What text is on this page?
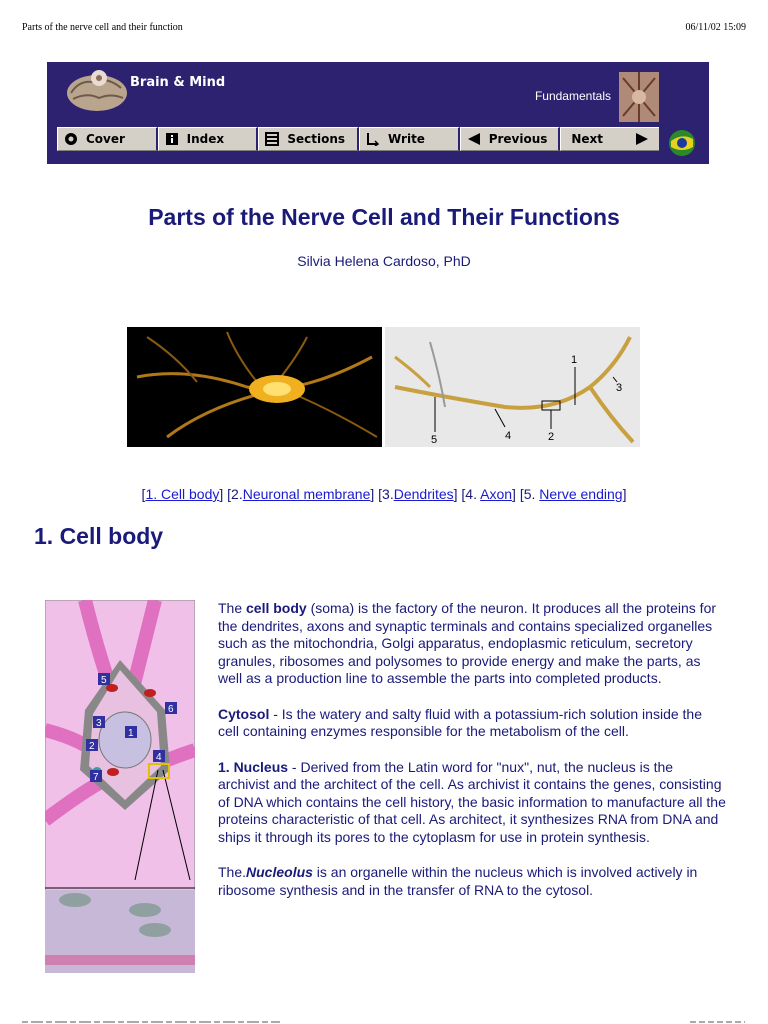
Parts of the nerve cell and their function	06/11/02 15:09
Brain & Mind
Fundamentals
Cover	Index	Sections	Write	Previous Next
Parts of the Nerve Cell and Their Functions
Silvia Helena Cardoso, PhD
1
2
3
4
5
[1. Cell body] [2.Neuronal membrane] [3.Dendrites] [4. Axon] [5. Nerve ending]
1. Cell body
1
2
3
4
5
6
7

The cell body (soma) is the factory of the neuron. It produces all the proteins for the dendrites, axons and synaptic terminals and contains specialized organelles such as the mitochondria, Golgi apparatus, endoplasmic reticulum, secretory granules, ribosomes and polysomes to provide energy and make the parts, as well as a production line to assemble the parts into completed products.

Cytosol - Is the watery and salty fluid with a potassium-rich solution inside the cell containing enzymes responsible for the metabolism of the cell.

1. Nucleus - Derived from the Latin word for "nux", nut, the nucleus is the archivist and the architect of the cell. As archivist it contains the genes, consisting of DNA which contains the cell history, the basic information to manufacture all the proteins characteristic of that cell. As architect, it synthesizes RNA from DNA and ships it through its pores to the cytoplasm for use in protein synthesis.

The.Nucleolus is an organelle within the nucleus which is involved actively in ribosome synthesis and in the transfer of RNA to the cytosol.
